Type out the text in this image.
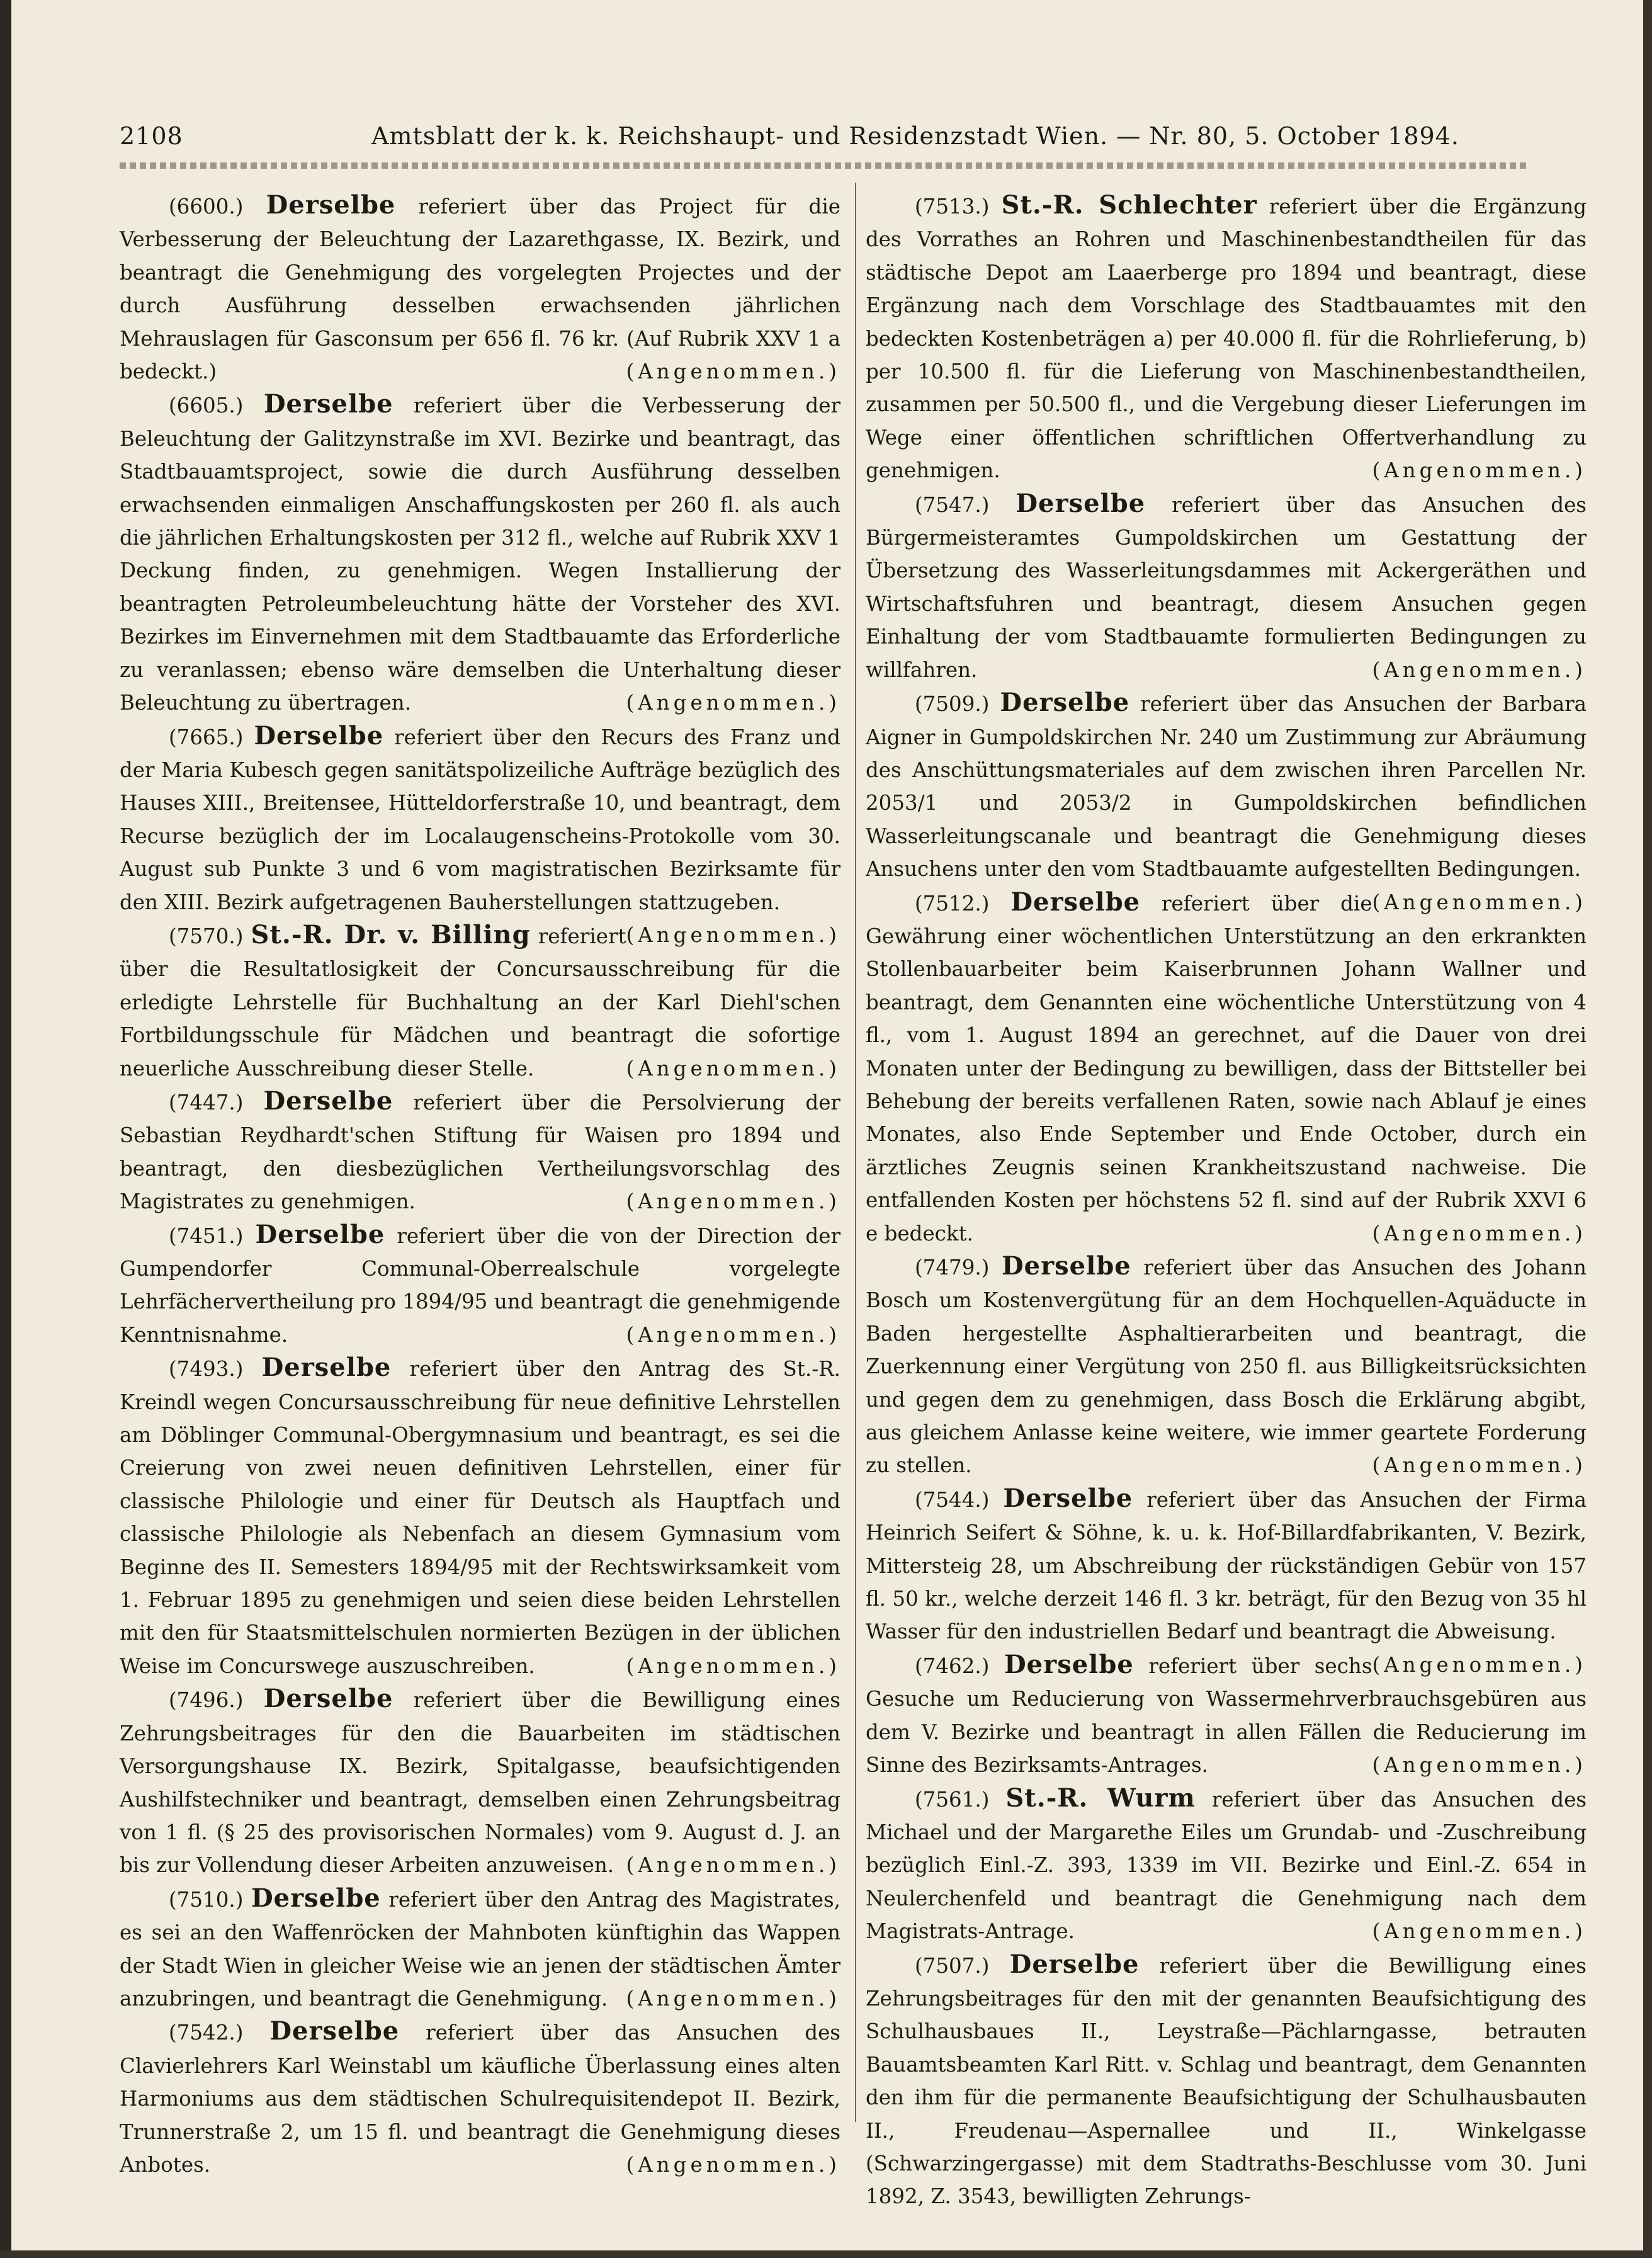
2108	Amtsblatt der k. k. Reichshaupt- und Residenzstadt Wien. — Nr. 80, 5. October 1894.

(6600.) Derselbe referiert über das Project für die Verbesserung der Beleuchtung der Lazarethgasse, IX. Bezirk, und beantragt die Genehmigung des vorgelegten Projectes und der durch Ausführung desselben erwachsenden jährlichen Mehrauslagen für Gasconsum per 656 fl. 76 kr. (Auf Rubrik XXV 1 a bedeckt.)	(Angenommen.)

(6605.) Derselbe referiert über die Verbesserung der Beleuchtung der Galitzynstraße im XVI. Bezirke und beantragt, das Stadtbauamtsproject, sowie die durch Ausführung desselben erwachsenden einmaligen Anschaffungskosten per 260 fl. als auch die jährlichen Erhaltungskosten per 312 fl., welche auf Rubrik XXV 1 Deckung finden, zu genehmigen. Wegen Installierung der beantragten Petroleumbeleuchtung hätte der Vorsteher des XVI. Bezirkes im Einvernehmen mit dem Stadtbauamte das Erforderliche zu veranlassen; ebenso wäre demselben die Unterhaltung dieser Beleuchtung zu übertragen.	(Angenommen.)

(7665.) Derselbe referiert über den Recurs des Franz und der Maria Kubesch gegen sanitätspolizeiliche Aufträge bezüglich des Hauses XIII., Breitensee, Hütteldorferstraße 10, und beantragt, dem Recurse bezüglich der im Localaugenscheins-Protokolle vom 30. August sub Punkte 3 und 6 vom magistratischen Bezirksamte für den XIII. Bezirk aufgetragenen Bauherstellungen stattzugeben.
(Angenommen.)

(7570.) St.-R. Dr. v. Billing referiert über die Resultatlosigkeit der Concursausschreibung für die erledigte Lehrstelle für Buchhaltung an der Karl Diehl'schen Fortbildungsschule für Mädchen und beantragt die sofortige neuerliche Ausschreibung dieser Stelle.	(Angenommen.)

(7447.) Derselbe referiert über die Persolvierung der Sebastian Reydhardt'schen Stiftung für Waisen pro 1894 und beantragt, den diesbezüglichen Vertheilungsvorschlag des Magistrates zu genehmigen.	(Angenommen.)

(7451.) Derselbe referiert über die von der Direction der Gumpendorfer Communal-Oberrealschule vorgelegte Lehrfächervertheilung pro 1894/95 und beantragt die genehmigende Kenntnisnahme.	(Angenommen.)

(7493.) Derselbe referiert über den Antrag des St.-R. Kreindl wegen Concursausschreibung für neue definitive Lehrstellen am Döblinger Communal-Obergymnasium und beantragt, es sei die Creierung von zwei neuen definitiven Lehrstellen, einer für classische Philologie und einer für Deutsch als Hauptfach und classische Philologie als Nebenfach an diesem Gymnasium vom Beginne des II. Semesters 1894/95 mit der Rechtswirksamkeit vom 1. Februar 1895 zu genehmigen und seien diese beiden Lehrstellen mit den für Staatsmittelschulen normierten Bezügen in der üblichen Weise im Concurswege auszuschreiben.	(Angenommen.)

(7496.) Derselbe referiert über die Bewilligung eines Zehrungsbeitrages für den die Bauarbeiten im städtischen Versorgungshause IX. Bezirk, Spitalgasse, beaufsichtigenden Aushilfstechniker und beantragt, demselben einen Zehrungsbeitrag von 1 fl. (§ 25 des provisorischen Normales) vom 9. August d. J. an bis zur Vollendung dieser Arbeiten anzuweisen. (Angenommen.)

(7510.) Derselbe referiert über den Antrag des Magistrates, es sei an den Waffenröcken der Mahnboten künftighin das Wappen der Stadt Wien in gleicher Weise wie an jenen der städtischen Ämter anzubringen, und beantragt die Genehmigung. (Angenommen.)

(7542.) Derselbe referiert über das Ansuchen des Clavierlehrers Karl Weinstabl um käufliche Überlassung eines alten Harmoniums aus dem städtischen Schulrequisitendepot II. Bezirk, Trunnerstraße 2, um 15 fl. und beantragt die Genehmigung dieses Anbotes.	(Angenommen.)

(7513.) St.-R. Schlechter referiert über die Ergänzung des Vorrathes an Rohren und Maschinenbestandtheilen für das städtische Depot am Laaerberge pro 1894 und beantragt, diese Ergänzung nach dem Vorschlage des Stadtbauamtes mit den bedeckten Kostenbeträgen a) per 40.000 fl. für die Rohrlieferung, b) per 10.500 fl. für die Lieferung von Maschinenbestandtheilen, zusammen per 50.500 fl., und die Vergebung dieser Lieferungen im Wege einer öffentlichen schriftlichen Offertverhandlung zu genehmigen.	(Angenommen.)

(7547.) Derselbe referiert über das Ansuchen des Bürgermeisteramtes Gumpoldskirchen um Gestattung der Übersetzung des Wasserleitungsdammes mit Ackergeräthen und Wirtschaftsfuhren und beantragt, diesem Ansuchen gegen Einhaltung der vom Stadtbauamte formulierten Bedingungen zu willfahren.	(Angenommen.)

(7509.) Derselbe referiert über das Ansuchen der Barbara Aigner in Gumpoldskirchen Nr. 240 um Zustimmung zur Abräumung des Anschüttungsmateriales auf dem zwischen ihren Parcellen Nr. 2053/1 und 2053/2 in Gumpoldskirchen befindlichen Wasserleitungscanale und beantragt die Genehmigung dieses Ansuchens unter den vom Stadtbauamte aufgestellten Bedingungen.
(Angenommen.)

(7512.) Derselbe referiert über die Gewährung einer wöchentlichen Unterstützung an den erkrankten Stollenbauarbeiter beim Kaiserbrunnen Johann Wallner und beantragt, dem Genannten eine wöchentliche Unterstützung von 4 fl., vom 1. August 1894 an gerechnet, auf die Dauer von drei Monaten unter der Bedingung zu bewilligen, dass der Bittsteller bei Behebung der bereits verfallenen Raten, sowie nach Ablauf je eines Monates, also Ende September und Ende October, durch ein ärztliches Zeugnis seinen Krankheitszustand nachweise. Die entfallenden Kosten per höchstens 52 fl. sind auf der Rubrik XXVI 6 e bedeckt.	(Angenommen.)

(7479.) Derselbe referiert über das Ansuchen des Johann Bosch um Kostenvergütung für an dem Hochquellen-Aquäducte in Baden hergestellte Asphaltierarbeiten und beantragt, die Zuerkennung einer Vergütung von 250 fl. aus Billigkeitsrücksichten und gegen dem zu genehmigen, dass Bosch die Erklärung abgibt, aus gleichem Anlasse keine weitere, wie immer geartete Forderung zu stellen.	(Angenommen.)

(7544.) Derselbe referiert über das Ansuchen der Firma Heinrich Seifert & Söhne, k. u. k. Hof-Billardfabrikanten, V. Bezirk, Mittersteig 28, um Abschreibung der rückständigen Gebür von 157 fl. 50 kr., welche derzeit 146 fl. 3 kr. beträgt, für den Bezug von 35 hl Wasser für den industriellen Bedarf und beantragt die Abweisung.
(Angenommen.)

(7462.) Derselbe referiert über sechs Gesuche um Reducierung von Wassermehrverbrauchsgebüren aus dem V. Bezirke und beantragt in allen Fällen die Reducierung im Sinne des Bezirksamts-Antrages.	(Angenommen.)

(7561.) St.-R. Wurm referiert über das Ansuchen des Michael und der Margarethe Eiles um Grundab- und -Zuschreibung bezüglich Einl.-Z. 393, 1339 im VII. Bezirke und Einl.-Z. 654 in Neulerchenfeld und beantragt die Genehmigung nach dem Magistrats-Antrage.	(Angenommen.)

(7507.) Derselbe referiert über die Bewilligung eines Zehrungsbeitrages für den mit der genannten Beaufsichtigung des Schulhausbaues II., Leystraße—Pächlarngasse, betrauten Bauamtsbeamten Karl Ritt. v. Schlag und beantragt, dem Genannten den ihm für die permanente Beaufsichtigung der Schulhausbauten II., Freudenau—Aspernallee und II., Winkelgasse (Schwarzingergasse) mit dem Stadtraths-Beschlusse vom 30. Juni 1892, Z. 3543, bewilligten Zehrungs-
